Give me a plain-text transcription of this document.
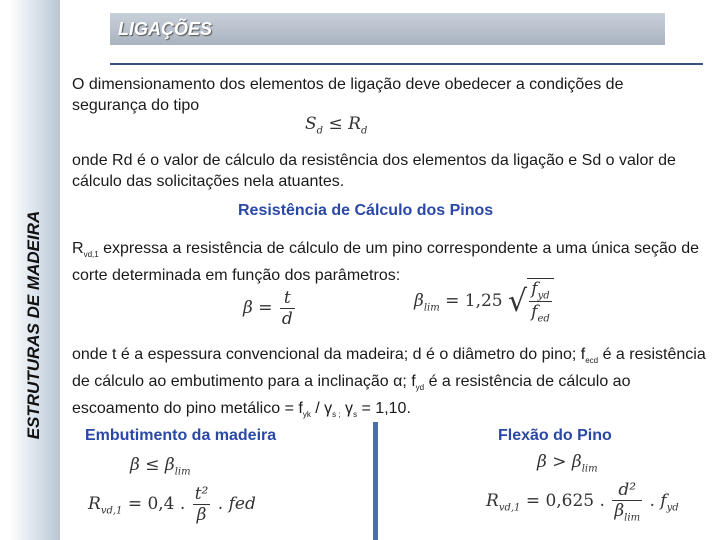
ESTRUTURAS DE MADEIRA
LIGAÇÕES

O dimensionamento dos elementos de ligação deve obedecer a condições de segurança do tipo

$S_d \le R_d$

onde Rd é o valor de cálculo da resistência dos elementos da ligação e Sd o valor de cálculo das solicitações nela atuantes.

Resistência de Cálculo dos Pinos

$R_{vd,1}$ expressa a resistência de cálculo de um pino correspondente a uma única seção de corte determinada em função dos parâmetros:

$\beta = \frac{t}{d}$	$\beta_{lim} = 1,25$ √ $\frac{f_{yd}}{f_{ed}}$

onde t é a espessura convencional da madeira; d é o diâmetro do pino; $f_{ecd}$ é a resistência de cálculo ao embutimento para a inclinação α; $f_{yd}$ é a resistência de cálculo ao escoamento do pino metálico = $f_{yk} / \gamma_{s ;}$ $\gamma_s = 1,10$.

Embutimento da madeira	Flexão do Pino
$\beta \le \beta_{lim}$
$R_{vd,1} = 0,4$ . $\frac{\text{t²}}{\beta}$ . fed
$\beta > \beta_{lim}$
$R_{vd,1} = 0,625$ . $\frac{\text{d²}}{\beta_{lim}}$ . $f_{yd}$
